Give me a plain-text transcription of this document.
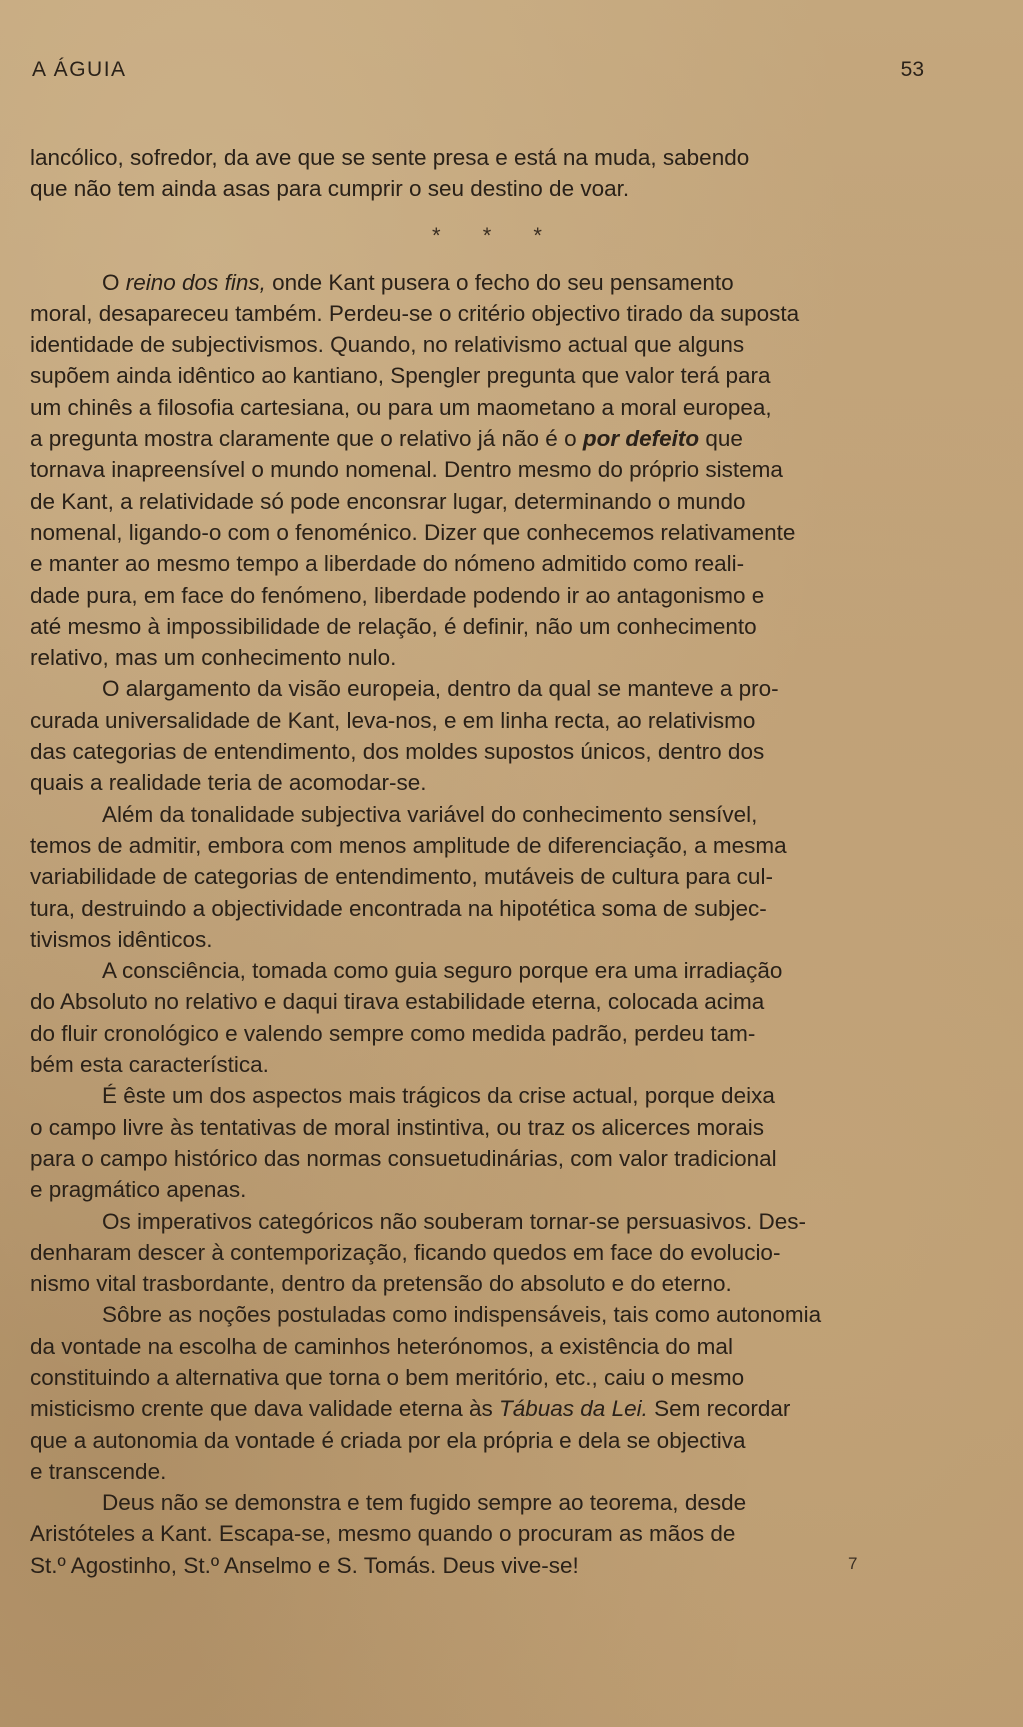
A ÁGUIA	53
lancólico, sofredor, da ave que se sente presa e está na muda, sabendo
que não tem ainda asas para cumprir o seu destino de voar.
* * *
O reino dos fins, onde Kant pusera o fecho do seu pensamento
moral, desapareceu também. Perdeu-se o critério objectivo tirado da suposta
identidade de subjectivismos. Quando, no relativismo actual que alguns
supõem ainda idêntico ao kantiano, Spengler pregunta que valor terá para
um chinês a filosofia cartesiana, ou para um maometano a moral europea,
a pregunta mostra claramente que o relativo já não é o por defeito que
tornava inapreensível o mundo nomenal. Dentro mesmo do próprio sistema
de Kant, a relatividade só pode enconsrar lugar, determinando o mundo
nomenal, ligando-o com o fenoménico. Dizer que conhecemos relativamente
e manter ao mesmo tempo a liberdade do nómeno admitido como reali-
dade pura, em face do fenómeno, liberdade podendo ir ao antagonismo e
até mesmo à impossibilidade de relação, é definir, não um conhecimento
relativo, mas um conhecimento nulo.
O alargamento da visão europeia, dentro da qual se manteve a pro-
curada universalidade de Kant, leva-nos, e em linha recta, ao relativismo
das categorias de entendimento, dos moldes supostos únicos, dentro dos
quais a realidade teria de acomodar-se.
Além da tonalidade subjectiva variável do conhecimento sensível,
temos de admitir, embora com menos amplitude de diferenciação, a mesma
variabilidade de categorias de entendimento, mutáveis de cultura para cul-
tura, destruindo a objectividade encontrada na hipotética soma de subjec-
tivismos idênticos.
A consciência, tomada como guia seguro porque era uma irradiação
do Absoluto no relativo e daqui tirava estabilidade eterna, colocada acima
do fluir cronológico e valendo sempre como medida padrão, perdeu tam-
bém esta característica.
É êste um dos aspectos mais trágicos da crise actual, porque deixa
o campo livre às tentativas de moral instintiva, ou traz os alicerces morais
para o campo histórico das normas consuetudinárias, com valor tradicional
e pragmático apenas.
Os imperativos categóricos não souberam tornar-se persuasivos. Des-
denharam descer à contemporização, ficando quedos em face do evolucio-
nismo vital trasbordante, dentro da pretensão do absoluto e do eterno.
Sôbre as noções postuladas como indispensáveis, tais como autonomia
da vontade na escolha de caminhos heterónomos, a existência do mal
constituindo a alternativa que torna o bem meritório, etc., caiu o mesmo
misticismo crente que dava validade eterna às Tábuas da Lei. Sem recordar
que a autonomia da vontade é criada por ela própria e dela se objectiva
e transcende.
Deus não se demonstra e tem fugido sempre ao teorema, desde
Aristóteles a Kant. Escapa-se, mesmo quando o procuram as mãos de
St.º Agostinho, St.º Anselmo e S. Tomás. Deus vive-se!	7
